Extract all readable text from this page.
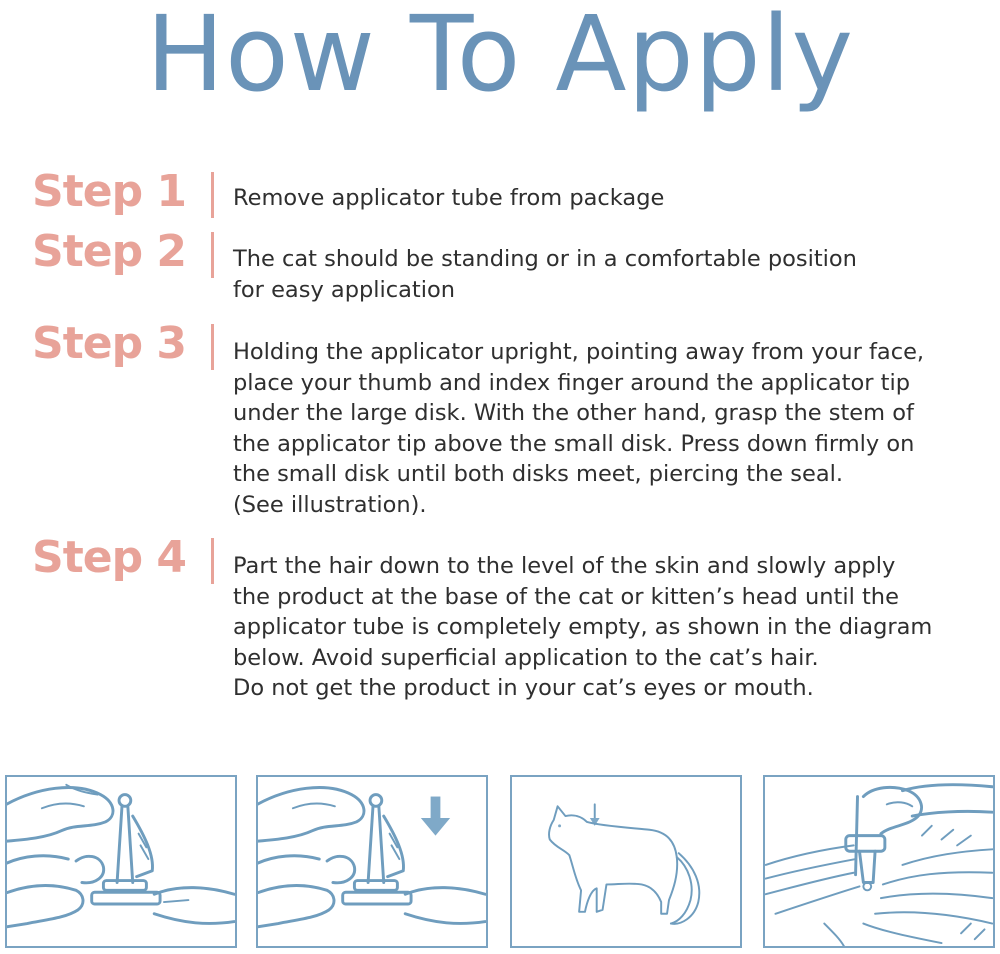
How To Apply
Step 1 Remove applicator tube from package
Step 2 The cat should be standing or in a comfortable position
for easy application
Step 3 Holding the applicator upright, pointing away from your face,
place your thumb and index finger around the applicator tip
under the large disk. With the other hand, grasp the stem of
the applicator tip above the small disk. Press down firmly on
the small disk until both disks meet, piercing the seal.
(See illustration).
Step 4 Part the hair down to the level of the skin and slowly apply
the product at the base of the cat or kitten’s head until the
applicator tube is completely empty, as shown in the diagram
below. Avoid superficial application to the cat’s hair.
Do not get the product in your cat’s eyes or mouth.
